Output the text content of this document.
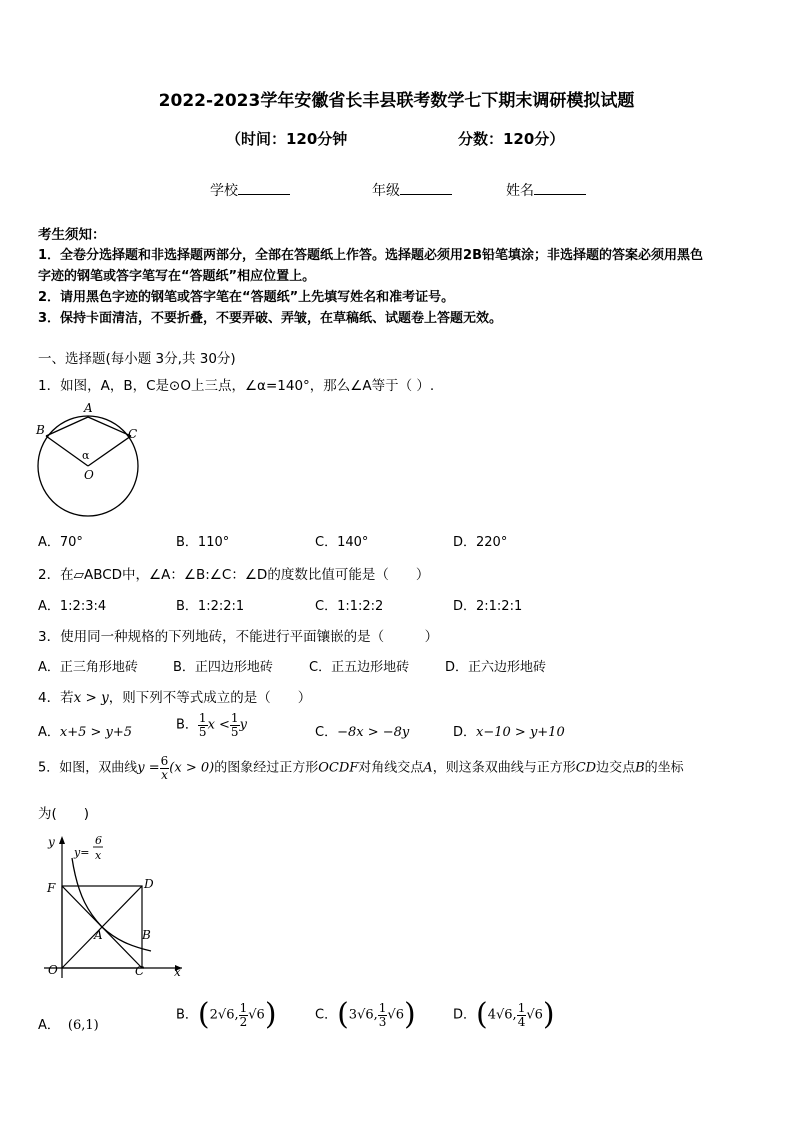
2022-2023学年安徽省长丰县联考数学七下期末调研模拟试题
（时间：120分钟	分数：120分）
学校	年级	姓名
考生须知：
1．全卷分选择题和非选择题两部分，全部在答题纸上作答。选择题必须用2B铅笔填涂；非选择题的答案必须用黑色
字迹的钢笔或答字笔写在“答题纸”相应位置上。
2．请用黑色字迹的钢笔或答字笔在“答题纸”上先填写姓名和准考证号。
3．保持卡面清洁，不要折叠，不要弄破、弄皱，在草稿纸、试题卷上答题无效。
一、选择题(每小题 3分,共 30分)
1．如图，A，B，C是⊙O上三点，∠α=140°，那么∠A等于（ ）.
A
B	C
α
O
A．70°	B．110°	C．140°	D．220°
2．在▱ABCD中，∠A：∠B:∠C：∠D的度数比值可能是（　　）
A．1:2:3:4	B．1:2:2:1	C．1:1:2:2	D．2:1:2:1
3．使用同一种规格的下列地砖，不能进行平面镶嵌的是（　　　）
A．正三角形地砖	B．正四边形地砖	C．正五边形地砖	D．正六边形地砖
4．若x > y，则下列不等式成立的是（　　）
A．x+5 > y+5	B． $\frac{1}{5}$ $x < \frac{1}{5}$ y	C．−8x > −8y	D．x−10 > y+10
5．如图，双曲线$y = \frac{6}{x} (x > 0)$的图象经过正方形OCDF对角线交点A，则这条双曲线与正方形CD边交点B的坐标
为(　　)
y
x
y=
6
x
F	D
A	B
O	C
A． (6,1)
B．(2√6, $\frac{1}{2} √6$)	C．(3√6, $\frac{1}{3} √6$)	D．(4√6, $\frac{1}{4} √6$)
